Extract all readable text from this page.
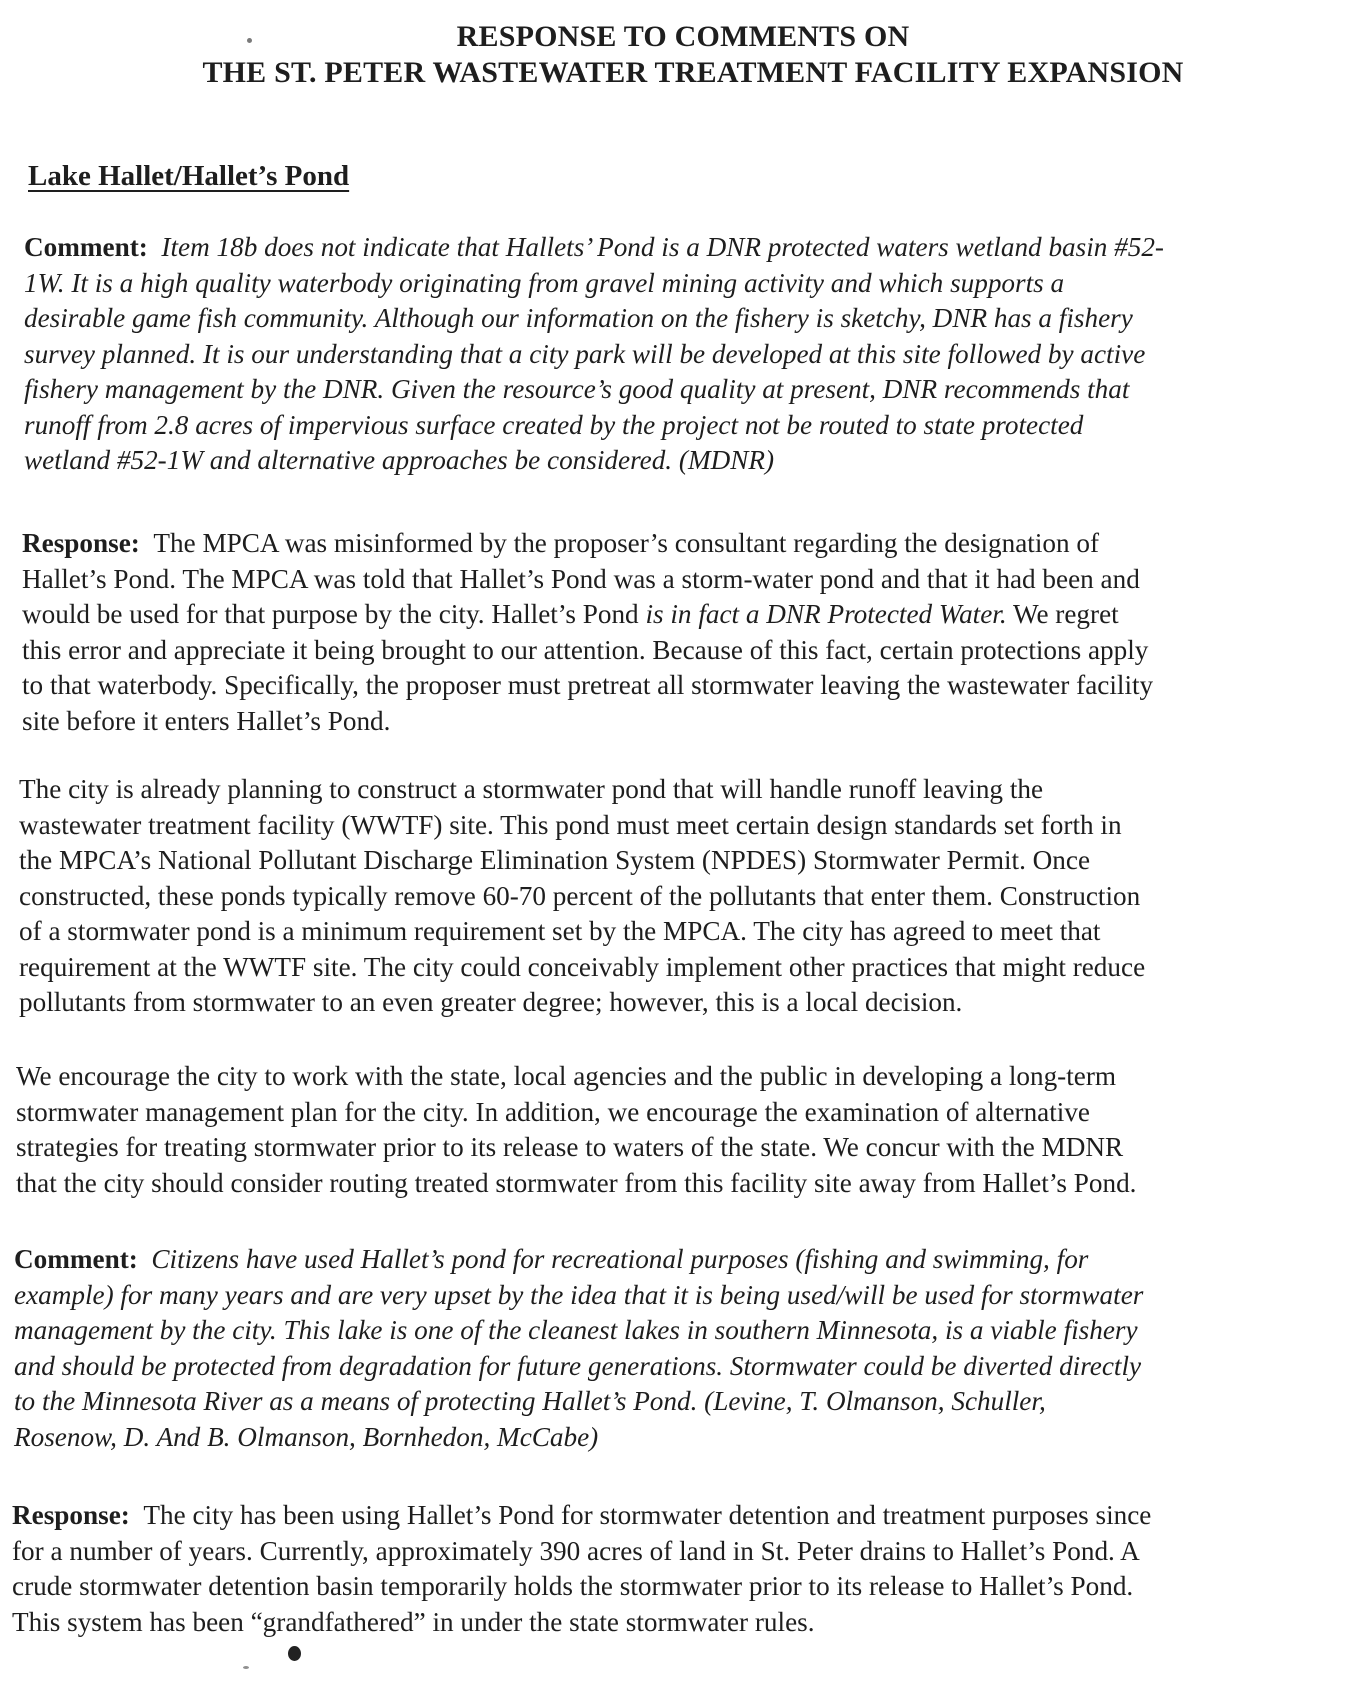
RESPONSE TO COMMENTS ON
THE ST. PETER WASTEWATER TREATMENT FACILITY EXPANSION
Lake Hallet/Hallet’s Pond
Comment: Item 18b does not indicate that Hallets’ Pond is a DNR protected waters wetland basin #52-
1W. It is a high quality waterbody originating from gravel mining activity and which supports a
desirable game fish community. Although our information on the fishery is sketchy, DNR has a fishery
survey planned. It is our understanding that a city park will be developed at this site followed by active
fishery management by the DNR. Given the resource’s good quality at present, DNR recommends that
runoff from 2.8 acres of impervious surface created by the project not be routed to state protected
wetland #52-1W and alternative approaches be considered. (MDNR)
Response: The MPCA was misinformed by the proposer’s consultant regarding the designation of
Hallet’s Pond. The MPCA was told that Hallet’s Pond was a storm-water pond and that it had been and
would be used for that purpose by the city. Hallet’s Pond is in fact a DNR Protected Water. We regret
this error and appreciate it being brought to our attention. Because of this fact, certain protections apply
to that waterbody. Specifically, the proposer must pretreat all stormwater leaving the wastewater facility
site before it enters Hallet’s Pond.
The city is already planning to construct a stormwater pond that will handle runoff leaving the
wastewater treatment facility (WWTF) site. This pond must meet certain design standards set forth in
the MPCA’s National Pollutant Discharge Elimination System (NPDES) Stormwater Permit. Once
constructed, these ponds typically remove 60-70 percent of the pollutants that enter them. Construction
of a stormwater pond is a minimum requirement set by the MPCA. The city has agreed to meet that
requirement at the WWTF site. The city could conceivably implement other practices that might reduce
pollutants from stormwater to an even greater degree; however, this is a local decision.
We encourage the city to work with the state, local agencies and the public in developing a long-term
stormwater management plan for the city. In addition, we encourage the examination of alternative
strategies for treating stormwater prior to its release to waters of the state. We concur with the MDNR
that the city should consider routing treated stormwater from this facility site away from Hallet’s Pond.
Comment: Citizens have used Hallet’s pond for recreational purposes (fishing and swimming, for
example) for many years and are very upset by the idea that it is being used/will be used for stormwater
management by the city. This lake is one of the cleanest lakes in southern Minnesota, is a viable fishery
and should be protected from degradation for future generations. Stormwater could be diverted directly
to the Minnesota River as a means of protecting Hallet’s Pond. (Levine, T. Olmanson, Schuller,
Rosenow, D. And B. Olmanson, Bornhedon, McCabe)
Response: The city has been using Hallet’s Pond for stormwater detention and treatment purposes since
for a number of years. Currently, approximately 390 acres of land in St. Peter drains to Hallet’s Pond. A
crude stormwater detention basin temporarily holds the stormwater prior to its release to Hallet’s Pond.
This system has been “grandfathered” in under the state stormwater rules.
